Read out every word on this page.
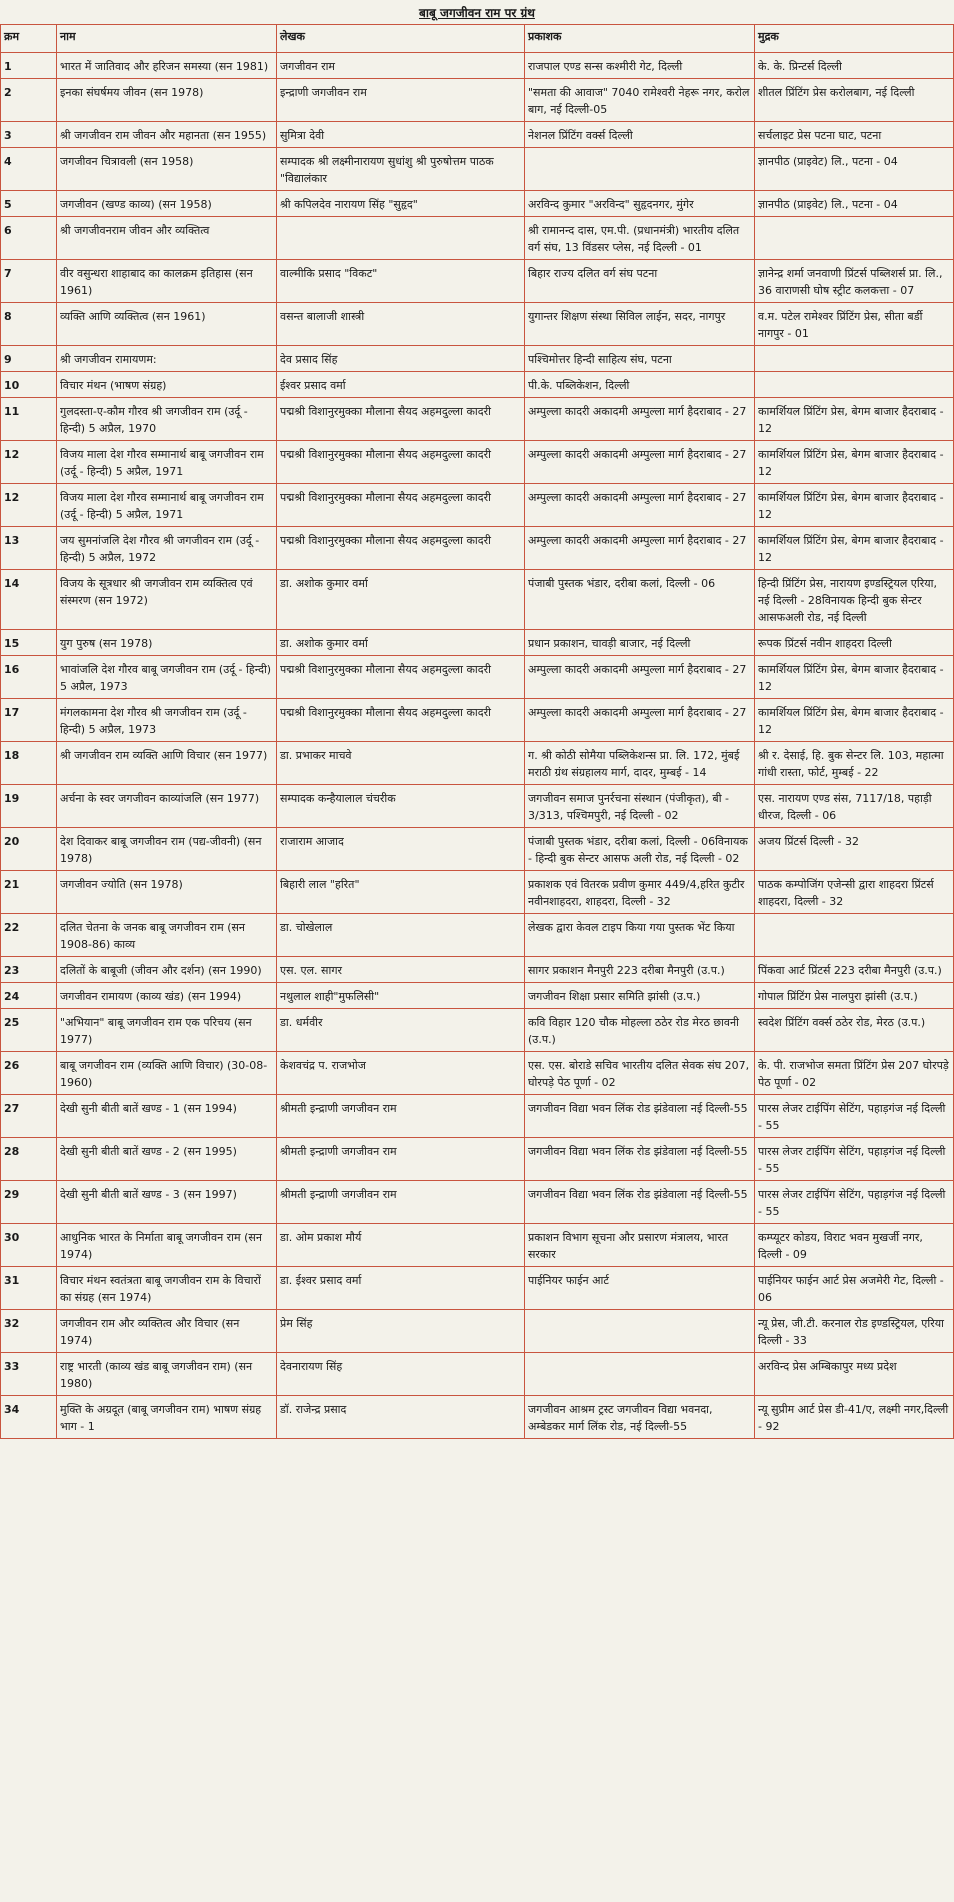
बाबू जगजीवन राम पर ग्रंथ
क्रम	नाम	लेखक	प्रकाशक	मुद्रक
1	भारत में जातिवाद और हरिजन समस्या (सन 1981)	जगजीवन राम	राजपाल एण्ड सन्स कश्मीरी गेट, दिल्ली	के. के. प्रिन्टर्स दिल्ली
2	इनका संघर्षमय जीवन (सन 1978)	इन्द्राणी जगजीवन राम	"समता की आवाज" 7040 रामेश्वरी नेहरू नगर, करोल बाग, नई दिल्ली-05	शीतल प्रिंटिंग प्रेस करोलबाग, नई दिल्ली
3	श्री जगजीवन राम जीवन और महानता (सन 1955)	सुमित्रा देवी	नेशनल प्रिंटिंग वर्क्स दिल्ली	सर्चलाइट प्रेस पटना घाट, पटना
4	जगजीवन चित्रावली (सन 1958)	सम्पादक श्री लक्ष्मीनारायण सुधांशु श्री पुरुषोत्तम पाठक "विद्यालंकार		ज्ञानपीठ (प्राइवेट) लि., पटना - 04
5	जगजीवन (खण्ड काव्य) (सन 1958)	श्री कपिलदेव नारायण सिंह "सुहृद"	अरविन्द कुमार "अरविन्द" सुहृदनगर, मुंगेर	ज्ञानपीठ (प्राइवेट) लि., पटना - 04
6	श्री जगजीवनराम जीवन और व्यक्तित्व		श्री रामानन्द दास, एम.पी. (प्रधानमंत्री) भारतीय दलित वर्ग संघ, 13 विंडसर प्लेस, नई दिल्ली - 01	
7	वीर वसुन्धरा शाहाबाद का कालक्रम इतिहास (सन 1961)	वाल्मीकि प्रसाद "विकट"	बिहार राज्य दलित वर्ग संघ पटना	ज्ञानेन्द्र शर्मा जनवाणी प्रिंटर्स पब्लिशर्स प्रा. लि., 36 वाराणसी घोष स्ट्रीट कलकत्ता - 07
8	व्यक्ति आणि व्यक्तित्व (सन 1961)	वसन्त बालाजी शास्त्री	युगान्तर शिक्षण संस्था सिविल लाईन, सदर, नागपुर	व.म. पटेल रामेश्वर प्रिंटिंग प्रेस, सीता बर्डी नागपुर - 01
9	श्री जगजीवन रामायणम:	देव प्रसाद सिंह	पश्चिमोत्तर हिन्दी साहित्य संघ, पटना	
10	विचार मंथन (भाषण संग्रह)	ईश्वर प्रसाद वर्मा	पी.के. पब्लिकेशन, दिल्ली	
11	गुलदस्ता-ए-कौम गौरव श्री जगजीवन राम (उर्दू - हिन्दी) 5 अप्रैल, 1970	पद्मश्री विशानुरमुक्का मौलाना सैयद अहमदुल्ला कादरी	अम्पुल्ला कादरी अकादमी अम्पुल्ला मार्ग हैदराबाद - 27	कामर्शियल प्रिंटिंग प्रेस, बेगम बाजार हैदराबाद - 12
12	विजय माला देश गौरव सम्मानार्थ बाबू जगजीवन राम (उर्दू - हिन्दी) 5 अप्रैल, 1971	पद्मश्री विशानुरमुक्का मौलाना सैयद अहमदुल्ला कादरी	अम्पुल्ला कादरी अकादमी अम्पुल्ला मार्ग हैदराबाद - 27	कामर्शियल प्रिंटिंग प्रेस, बेगम बाजार हैदराबाद - 12
12	विजय माला देश गौरव सम्मानार्थ बाबू जगजीवन राम (उर्दू - हिन्दी) 5 अप्रैल, 1971	पद्मश्री विशानुरमुक्का मौलाना सैयद अहमदुल्ला कादरी	अम्पुल्ला कादरी अकादमी अम्पुल्ला मार्ग हैदराबाद - 27	कामर्शियल प्रिंटिंग प्रेस, बेगम बाजार हैदराबाद - 12
13	जय सुमनांजलि देश गौरव श्री जगजीवन राम (उर्दू - हिन्दी) 5 अप्रैल, 1972	पद्मश्री विशानुरमुक्का मौलाना सैयद अहमदुल्ला कादरी	अम्पुल्ला कादरी अकादमी अम्पुल्ला मार्ग हैदराबाद - 27	कामर्शियल प्रिंटिंग प्रेस, बेगम बाजार हैदराबाद - 12
14	विजय के सूत्रधार श्री जगजीवन राम व्यक्तित्व एवं संस्मरण (सन 1972)	डा. अशोक कुमार वर्मा	पंजाबी पुस्तक भंडार, दरीबा कलां, दिल्ली - 06	हिन्दी प्रिंटिंग प्रेस, नारायण इण्डस्ट्रियल एरिया, नई दिल्ली - 28विनायक हिन्दी बुक सेन्टर आसफअली रोड, नई दिल्ली
15	युग पुरुष (सन 1978)	डा. अशोक कुमार वर्मा	प्रधान प्रकाशन, चावड़ी बाजार, नई दिल्ली	रूपक प्रिंटर्स नवीन शाहदरा दिल्ली
16	भावांजलि देश गौरव बाबू जगजीवन राम (उर्दू - हिन्दी) 5 अप्रैल, 1973	पद्मश्री विशानुरमुक्का मौलाना सैयद अहमदुल्ला कादरी	अम्पुल्ला कादरी अकादमी अम्पुल्ला मार्ग हैदराबाद - 27	कामर्शियल प्रिंटिंग प्रेस, बेगम बाजार हैदराबाद - 12
17	मंगलकामना देश गौरव श्री जगजीवन राम (उर्दू - हिन्दी) 5 अप्रैल, 1973	पद्मश्री विशानुरमुक्का मौलाना सैयद अहमदुल्ला कादरी	अम्पुल्ला कादरी अकादमी अम्पुल्ला मार्ग हैदराबाद - 27	कामर्शियल प्रिंटिंग प्रेस, बेगम बाजार हैदराबाद - 12
18	श्री जगजीवन राम व्यक्ति आणि विचार (सन 1977)	डा. प्रभाकर माचवे	ग. श्री कोठी सोमैया पब्लिकेशन्स प्रा. लि. 172, मुंबई मराठी ग्रंथ संग्रहालय मार्ग, दादर, मुम्बई - 14	श्री र. देसाई, हि. बुक सेन्टर लि. 103, महात्मा गांधी रास्ता, फोर्ट, मुम्बई - 22
19	अर्चना के स्वर जगजीवन काव्यांजलि (सन 1977)	सम्पादक कन्हैयालाल चंचरीक	जगजीवन समाज पुनर्रचना संस्थान (पंजीकृत), बी - 3/313, पश्चिमपुरी, नई दिल्ली - 02	एस. नारायण एण्ड संस, 7117/18, पहाड़ी धीरज, दिल्ली - 06
20	देश दिवाकर बाबू जगजीवन राम (पद्य-जीवनी) (सन 1978)	राजाराम आजाद	पंजाबी पुस्तक भंडार, दरीबा कलां, दिल्ली - 06विनायक - हिन्दी बुक सेन्टर आसफ अली रोड, नई दिल्ली - 02	अजय प्रिंटर्स दिल्ली - 32
21	जगजीवन ज्योति (सन 1978)	बिहारी लाल "हरित"	प्रकाशक एवं वितरक प्रवीण कुमार 449/4,हरित कुटीर नवीनशाहदरा, शाहदरा, दिल्ली - 32	पाठक कम्पोजिंग एजेन्सी द्वारा शाहदरा प्रिंटर्स शाहदरा, दिल्ली - 32
22	दलित चेतना के जनक बाबू जगजीवन राम (सन 1908-86) काव्य	डा. चोखेलाल	लेखक द्वारा केवल टाइप किया गया पुस्तक भेंट किया	
23	दलितों के बाबूजी (जीवन और दर्शन) (सन 1990)	एस. एल. सागर	सागर प्रकाशन मैनपुरी 223 दरीबा मैनपुरी (उ.प.)	पिंकवा आर्ट प्रिंटर्स 223 दरीबा मैनपुरी (उ.प.)
24	जगजीवन रामायण (काव्य खंड) (सन 1994)	नथुलाल शाही"मुफलिसी"	जगजीवन शिक्षा प्रसार समिति झांसी (उ.प.)	गोपाल प्रिंटिंग प्रेस नालपुरा झांसी (उ.प.)
25	"अभियान" बाबू जगजीवन राम एक परिचय (सन 1977)	डा. धर्मवीर	कवि विहार 120 चौक मोहल्ला ठठेर रोड मेरठ छावनी (उ.प.)	स्वदेश प्रिंटिंग वर्क्स ठठेर रोड, मेरठ (उ.प.)
26	बाबू जगजीवन राम (व्यक्ति आणि विचार) (30-08-1960)	केशवचंद्र प. राजभोज	एस. एस. बोराडे सचिव भारतीय दलित सेवक संघ 207, घोरपड़े पेठ पूर्णा - 02	के. पी. राजभोज समता प्रिंटिंग प्रेस 207 घोरपड़े पेठ पूर्णा - 02
27	देखी सुनी बीती बातें खण्ड - 1 (सन 1994)	श्रीमती इन्द्राणी जगजीवन राम	जगजीवन विद्या भवन लिंक रोड झंडेवाला नई दिल्ली-55	पारस लेजर टाईपिंग सेटिंग, पहाड़गंज नई दिल्ली - 55
28	देखी सुनी बीती बातें खण्ड - 2 (सन 1995)	श्रीमती इन्द्राणी जगजीवन राम	जगजीवन विद्या भवन लिंक रोड झंडेवाला नई दिल्ली-55	पारस लेजर टाईपिंग सेटिंग, पहाड़गंज नई दिल्ली - 55
29	देखी सुनी बीती बातें खण्ड - 3 (सन 1997)	श्रीमती इन्द्राणी जगजीवन राम	जगजीवन विद्या भवन लिंक रोड झंडेवाला नई दिल्ली-55	पारस लेजर टाईपिंग सेटिंग, पहाड़गंज नई दिल्ली - 55
30	आधुनिक भारत के निर्माता बाबू जगजीवन राम (सन 1974)	डा. ओम प्रकाश मौर्य	प्रकाशन विभाग सूचना और प्रसारण मंत्रालय, भारत सरकार	कम्प्यूटर कोडय, विराट भवन मुखर्जी नगर, दिल्ली - 09
31	विचार मंथन स्वतंत्रता बाबू जगजीवन राम के विचारों का संग्रह (सन 1974)	डा. ईश्वर प्रसाद वर्मा	पाईनियर फाईन आर्ट	पाईनियर फाईन आर्ट प्रेस अजमेरी गेट, दिल्ली - 06
32	जगजीवन राम और व्यक्तित्व और विचार (सन 1974)	प्रेम सिंह		न्यू प्रेस, जी.टी. करनाल रोड इण्डस्ट्रियल, एरिया दिल्ली - 33
33	राष्ट्र भारती (काव्य खंड बाबू जगजीवन राम) (सन 1980)	देवनारायण सिंह		अरविन्द प्रेस अम्बिकापुर मध्य प्रदेश
34	मुक्ति के अग्रदूत (बाबू जगजीवन राम) भाषण संग्रह भाग - 1	डॉ. राजेन्द्र प्रसाद	जगजीवन आश्रम ट्रस्ट जगजीवन विद्या भवनदा, अम्बेडकर मार्ग लिंक रोड, नई दिल्ली-55	न्यू सुप्रीम आर्ट प्रेस डी-41/ए, लक्ष्मी नगर,दिल्ली - 92
